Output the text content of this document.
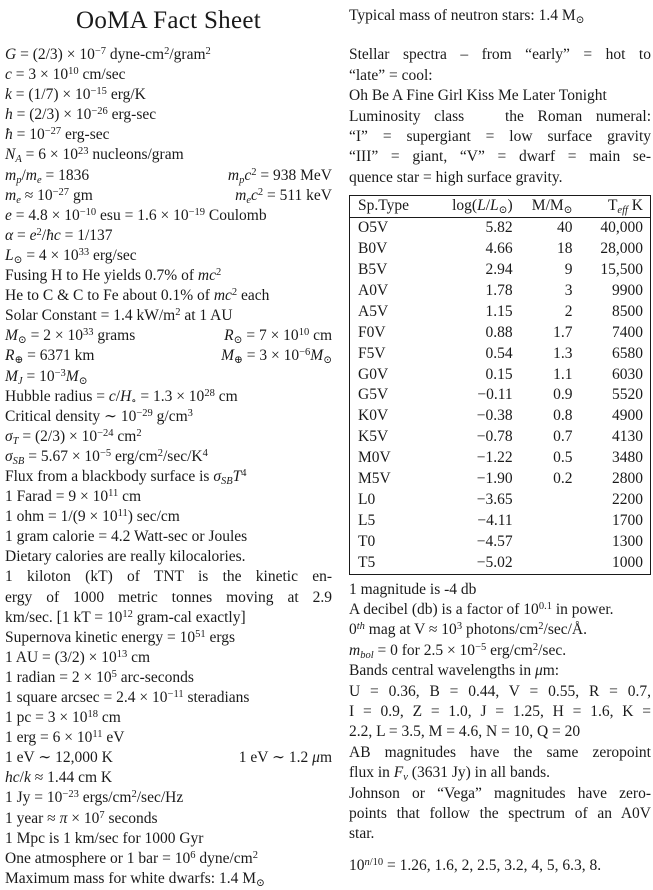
OoMA Fact Sheet
$G = (2/3) \times 10^{-7}$ dyne-$cm^2/gram^2$
$c = 3 \times 10^{10}$ cm/sec
$k = (1/7) \times 10^{-15}$ erg/K
$h = (2/3) \times 10^{-26}$ erg-sec
ħ = $10^{-27}$ erg-sec
$N_A = 6 \times 10^{23}$ nucleons/gram
$m_p/m_e = 1836$	$m_pc^2 = 938$ MeV
$m_e \approx 10^{-27}$ gm	$m_ec^2 = 511$ keV
$e = 4.8 \times 10^{-10}$ esu = $1.6 \times 10^{-19}$ Coulomb
$\alpha = e^2/ħc = 1/137$
$L_⊙ = 4 \times 10^{33}$ erg/sec
Fusing H to He yields 0.7% of $mc^2$
He to C & C to Fe about 0.1% of $mc^2$ each
Solar Constant = 1.4 $kW/m^2$ at 1 AU
$M_⊙ = 2 \times 10^{33}$ grams	$R_⊙ = 7 \times 10^{10}$ cm
$R_\oplus = 6371$ km	$M_\oplus = 3 \times 10^{-6}M_⊙$
$M_J = 10^{-3}M_⊙$
Hubble radius = $c/H_\circ = 1.3 \times 10^{28}$ cm
Critical density ∼ $10^{-29}$ $g/cm^3$
$\sigma_T = (2/3) \times 10^{-24}$ $cm^2$
$\sigma_{SB} = 5.67 \times 10^{-5}$ erg/$cm^2/\sec/K^4$
Flux from a blackbody surface is $\sigma_{SB}T^4$
1 Farad = $9 \times 10^{11}$ cm
1 ohm = $1/(9 \times 10^{11})$ sec/cm
1 gram calorie = 4.2 Watt-sec or Joules
Dietary calories are really kilocalories.
1 kiloton (kT) of TNT is the kinetic en-
ergy of 1000 metric tonnes moving at 2.9
km/sec. [1 kT = $10^{12}$ gram-cal exactly]
Supernova kinetic energy = $10^{51}$ ergs
1 AU = $(3/2) \times 10^{13}$ cm
1 radian = $2 \times 10^5$ arc-seconds
1 square $arcsec = 2.4 \times 10^{-11}$ steradians
1 pc = $3 \times 10^{18}$ cm
1 erg = $6 \times 10^{11}$ eV
1 eV ∼ 12,000 K	1 eV ∼ 1.2 μm
hc/k ≈ 1.44 cm K
1 $Jy = 10^{-23}$ ergs/$cm^2/\sec/Hz$
1 year ≈ $\pi \times 10^7$ seconds
1 Mpc is 1 km/sec for 1000 Gyr
One atmosphere or 1 bar = $10^6$ dyne/$cm^2$
Maximum mass for white dwarfs: 1.4 $M_⊙$
Typical mass of neutron stars: 1.4 $M_⊙$
Stellar spectra – from “early” = hot to
“late” = cool:
Oh Be A Fine Girl Kiss Me Later Tonight
Luminosity class   the Roman numeral:
“I” = supergiant = low surface gravity
“III” = giant, “V” = dwarf = main se-
quence star = high surface gravity.
Sp.Type	$\log(L/L_⊙)$	$M/M_⊙$	$T_{eff}$ K
O5V	5.82	40	40,000
B0V	4.66	18	28,000
B5V	2.94	9	15,500
A0V	1.78	3	9900
A5V	1.15	2	8500
F0V	0.88	1.7	7400
F5V	0.54	1.3	6580
G0V	0.15	1.1	6030
G5V	−0.11	0.9	5520
K0V	−0.38	0.8	4900
K5V	−0.78	0.7	4130
M0V	−1.22	0.5	3480
M5V	−1.90	0.2	2800
L0	−3.65		2200
L5	−4.11		1700
T0	−4.57		1300
T5	−5.02		1000
1 magnitude is -4 db
A decibel (db) is a factor of $10^{0.1}$ in power.
0th mag at $V \approx 10^3$ photons/$cm^2/\sec/Å$.
$m_{bol} = 0$ for $2.5 \times 10^{-5}$ erg/$cm^2/\sec$.
Bands central wavelengths in μm:
U = 0.36, B = 0.44, V = 0.55, R = 0.7,
I = 0.9, Z = 1.0, J = 1.25, H = 1.6, K =
2.2, L = 3.5, M = 4.6, N = 10, Q = 20
AB magnitudes have the same zeropoint
flux in $F_\nu$ (3631 Jy) in all bands.
Johnson or “Vega” magnitudes have zero-
points that follow the spectrum of an A0V
star.
$10^{n/10} = 1.26$, 1.6, 2, 2.5, 3.2, 4, 5, 6.3, 8.
